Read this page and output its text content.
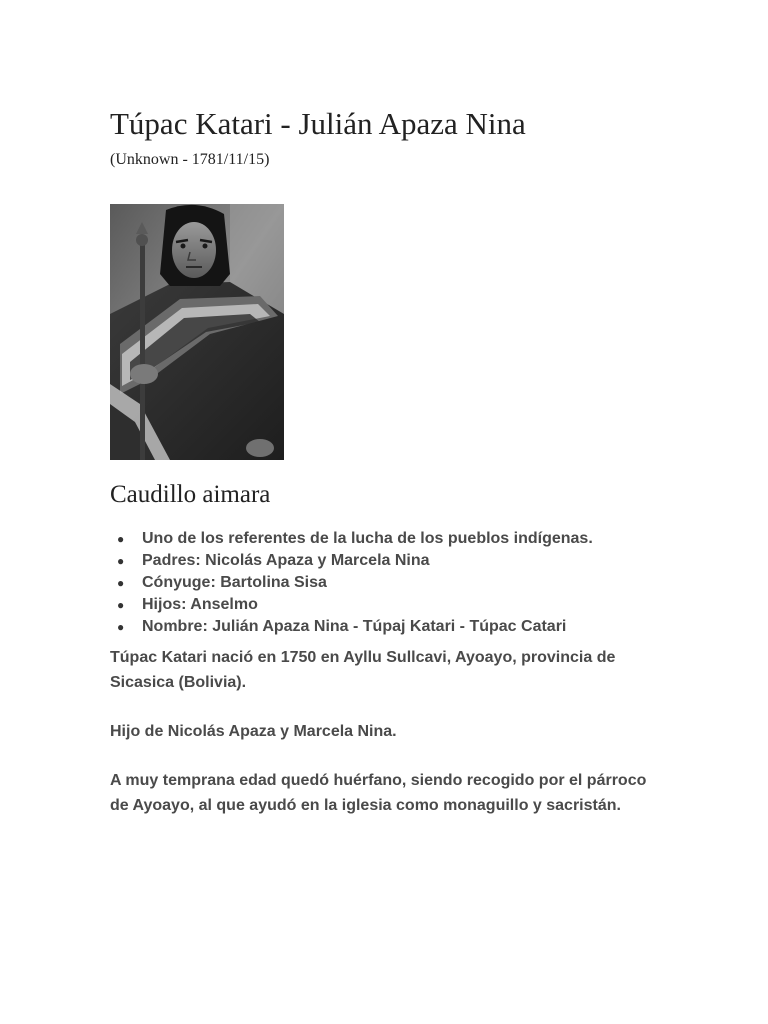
Túpac Katari - Julián Apaza Nina
(Unknown - 1781/11/15)
Caudillo aimara
● Uno de los referentes de la lucha de los pueblos indígenas.
● Padres: Nicolás Apaza y Marcela Nina
● Cónyuge: Bartolina Sisa
● Hijos: Anselmo
● Nombre: Julián Apaza Nina - Túpaj Katari - Túpac Catari

Túpac Katari nació en 1750 en Ayllu Sullcavi, Ayoayo, provincia de Sicasica (Bolivia).

Hijo de Nicolás Apaza y Marcela Nina.

A muy temprana edad quedó huérfano, siendo recogido por el párroco de Ayoayo, al que ayudó en la iglesia como monaguillo y sacristán.
